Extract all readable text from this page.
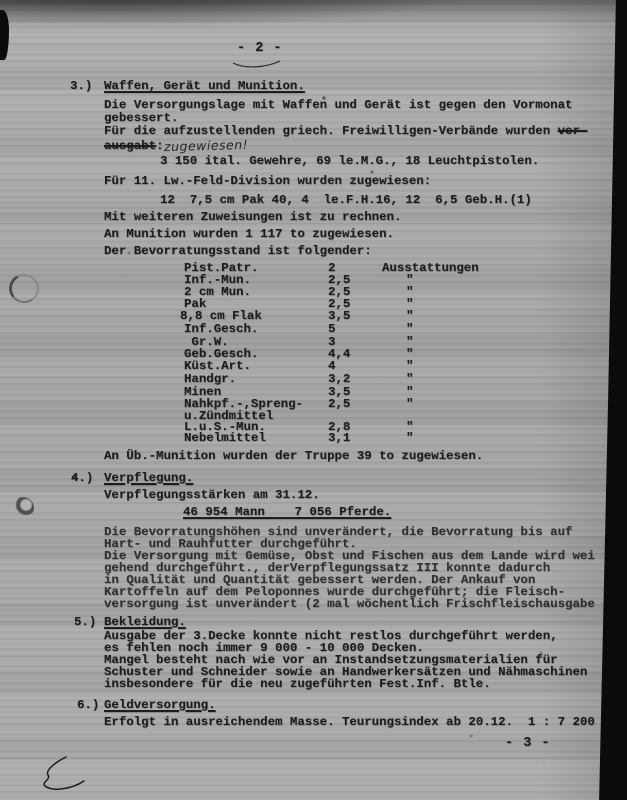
- 2 -
3.) Waffen, Gerät und Munition.
Die Versorgungslage mit Waffen und Gerät ist gegen den Vormonat
gebessert.
Für die aufzustellenden griech. Freiwilligen-Verbände wurden ver-
ausgabt:zugewiesen!
3 150 ital. Gewehre, 69 le.M.G., 18 Leuchtpistolen.
Für 11. Lw.-Feld-Division wurden zugewiesen:
12  7,5 cm Pak 40, 4  le.F.H.16, 12  6,5 Geb.H.(1)
Mit weiteren Zuweisungen ist zu rechnen.
An Munition wurden 1 117 to zugewiesen.
Der Bevorratungsstand ist folgender:
Pist.Patr.	2	Ausstattungen
Inf.-Mun.	2,5	"
2 cm Mun.	2,5	"
Pak	2,5	"
8,8 cm Flak	3,5	"
Inf.Gesch.	5	"
Gr.W.	3	"
Geb.Gesch.	4,4	"
Küst.Art.	4	"
Handgr.	3,2	"
Minen	3,5	"
Nahkpf.-,Spreng- 2,5	"
u.Zündmittel
L.u.S.-Mun.	2,8	"
Nebelmittel	3,1	"
An Üb.-Munition wurden der Truppe 39 to zugewiesen.
4.) Verpflegung.
Verpflegungsstärken am 31.12.
46 954 Mann    7 056 Pferde.
Die Bevorratungshöhen sind unverändert, die Bevorratung bis auf
Hart- und Rauhfutter durchgeführt.
Die Versorgung mit Gemüse, Obst und Fischen aus dem Lande wird wei
gehend durchgeführt., derVerpflegungssatz III konnte dadurch
in Qualität und Quantität gebessert werden. Der Ankauf von
Kartoffeln auf dem Peloponnes wurde durchgeführt; die Fleisch-
versorgung ist unverändert (2 mal wöchentlich Frischfleischausgabe
5.) Bekleidung.
Ausgabe der 3.Decke konnte nicht restlos durchgeführt werden,
es fehlen noch immer 9 000 - 10 000 Decken.
Mangel besteht nach wie vor an Instandsetzungsmaterialien für
Schuster und Schneider sowie an Handwerkersätzen und Nähmaschinen
insbesondere für die neu zugeführten Fest.Inf. Btle.
6.) Geldversorgung.
Erfolgt in ausreichendem Masse. Teurungsindex ab 20.12.  1 : 7 200
- 3 -
